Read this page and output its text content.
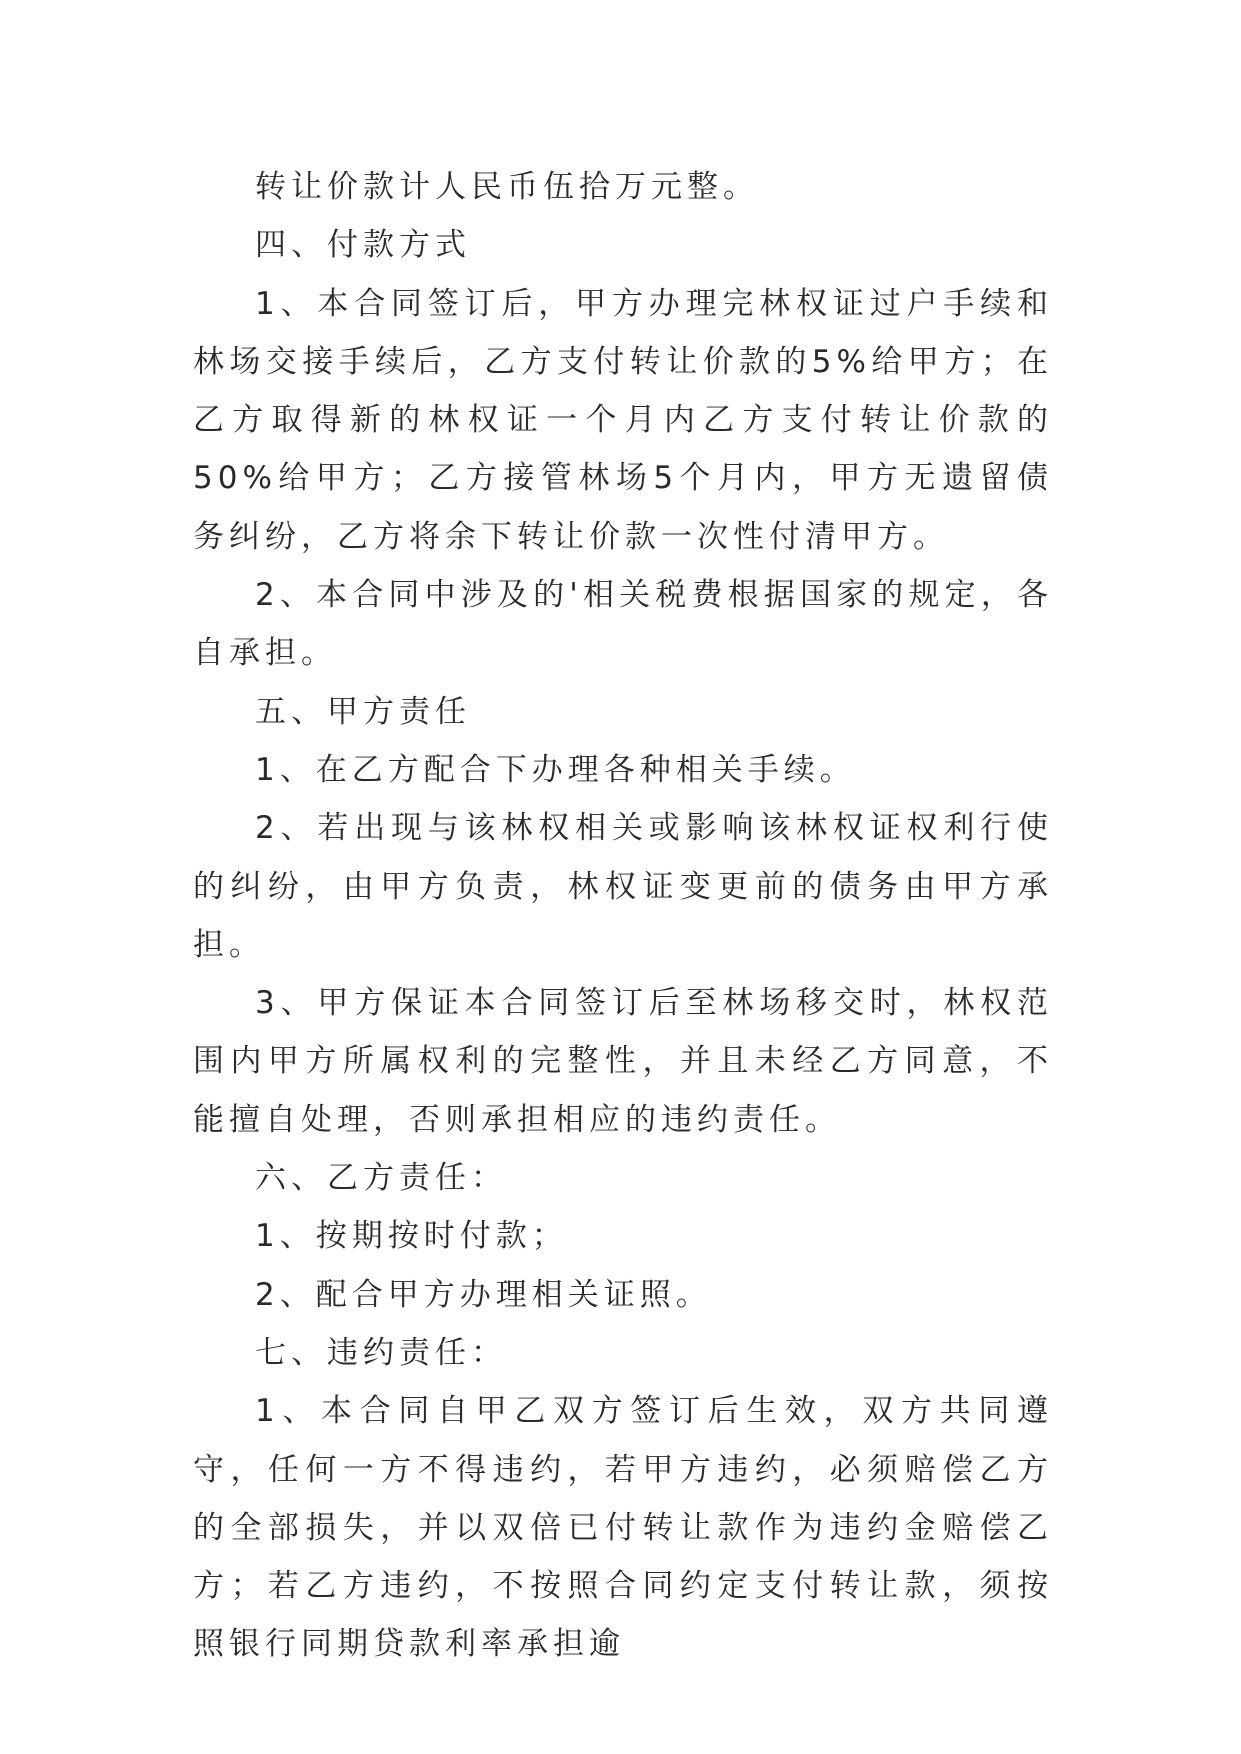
转让价款计人民币伍拾万元整。

四、付款方式

1、本合同签订后，甲方办理完林权证过户手续和林场交接手续后，乙方支付转让价款的5%给甲方；在乙方取得新的林权证一个月内乙方支付转让价款的50%给甲方；乙方接管林场5个月内，甲方无遗留债务纠纷，乙方将余下转让价款一次性付清甲方。

2、本合同中涉及的'相关税费根据国家的规定，各自承担。

五、甲方责任

1、在乙方配合下办理各种相关手续。

2、若出现与该林权相关或影响该林权证权利行使的纠纷，由甲方负责，林权证变更前的债务由甲方承担。

3、甲方保证本合同签订后至林场移交时，林权范围内甲方所属权利的完整性，并且未经乙方同意，不能擅自处理，否则承担相应的违约责任。

六、乙方责任：

1、按期按时付款；

2、配合甲方办理相关证照。

七、违约责任：

1、本合同自甲乙双方签订后生效，双方共同遵守，任何一方不得违约，若甲方违约，必须赔偿乙方的全部损失，并以双倍已付转让款作为违约金赔偿乙方；若乙方违约，不按照合同约定支付转让款，须按照银行同期贷款利率承担逾
